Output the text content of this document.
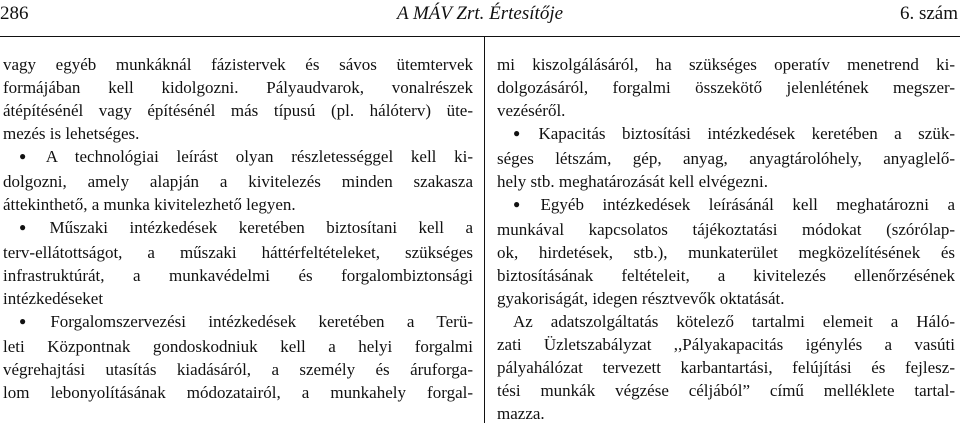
286	A MÁV Zrt. Értesítője	6. szám
vagy egyéb munkáknál fázistervek és sávos ütemtervek
formájában kell kidolgozni. Pályaudvarok, vonalrészek
átépítésénél vagy építésénél más típusú (pl. hálóterv) üte-
mezés is lehetséges.
● A technológiai leírást olyan részletességgel kell ki-
dolgozni, amely alapján a kivitelezés minden szakasza
áttekinthető, a munka kivitelezhető legyen.
● Műszaki intézkedések keretében biztosítani kell a
terv-ellátottságot, a műszaki háttérfeltételeket, szükséges
infrastruktúrát, a munkavédelmi és forgalombiztonsági
intézkedéseket
● Forgalomszervezési intézkedések keretében a Terü-
leti Központnak gondoskodniuk kell a helyi forgalmi
végrehajtási utasítás kiadásáról, a személy és áruforga-
lom lebonyolításának módozatairól, a munkahely forgal-
mi kiszolgálásáról, ha szükséges operatív menetrend ki-
dolgozásáról, forgalmi összekötő jelenlétének megszer-
vezéséről.
● Kapacitás biztosítási intézkedések keretében a szük-
séges létszám, gép, anyag, anyagtárolóhely, anyaglelő-
hely stb. meghatározását kell elvégezni.
● Egyéb intézkedések leírásánál kell meghatározni a
munkával kapcsolatos tájékoztatási módokat (szórólap-
ok, hirdetések, stb.), munkaterület megközelítésének és
biztosításának feltételeit, a kivitelezés ellenőrzésének
gyakoriságát, idegen résztvevők oktatását.
Az adatszolgáltatás kötelező tartalmi elemeit a Háló-
zati Üzletszabályzat ,,Pályakapacitás igénylés a vasúti
pályahálózat tervezett karbantartási, felújítási és fejlesz-
tési munkák végzése céljából” című melléklete tartal-
mazza.
